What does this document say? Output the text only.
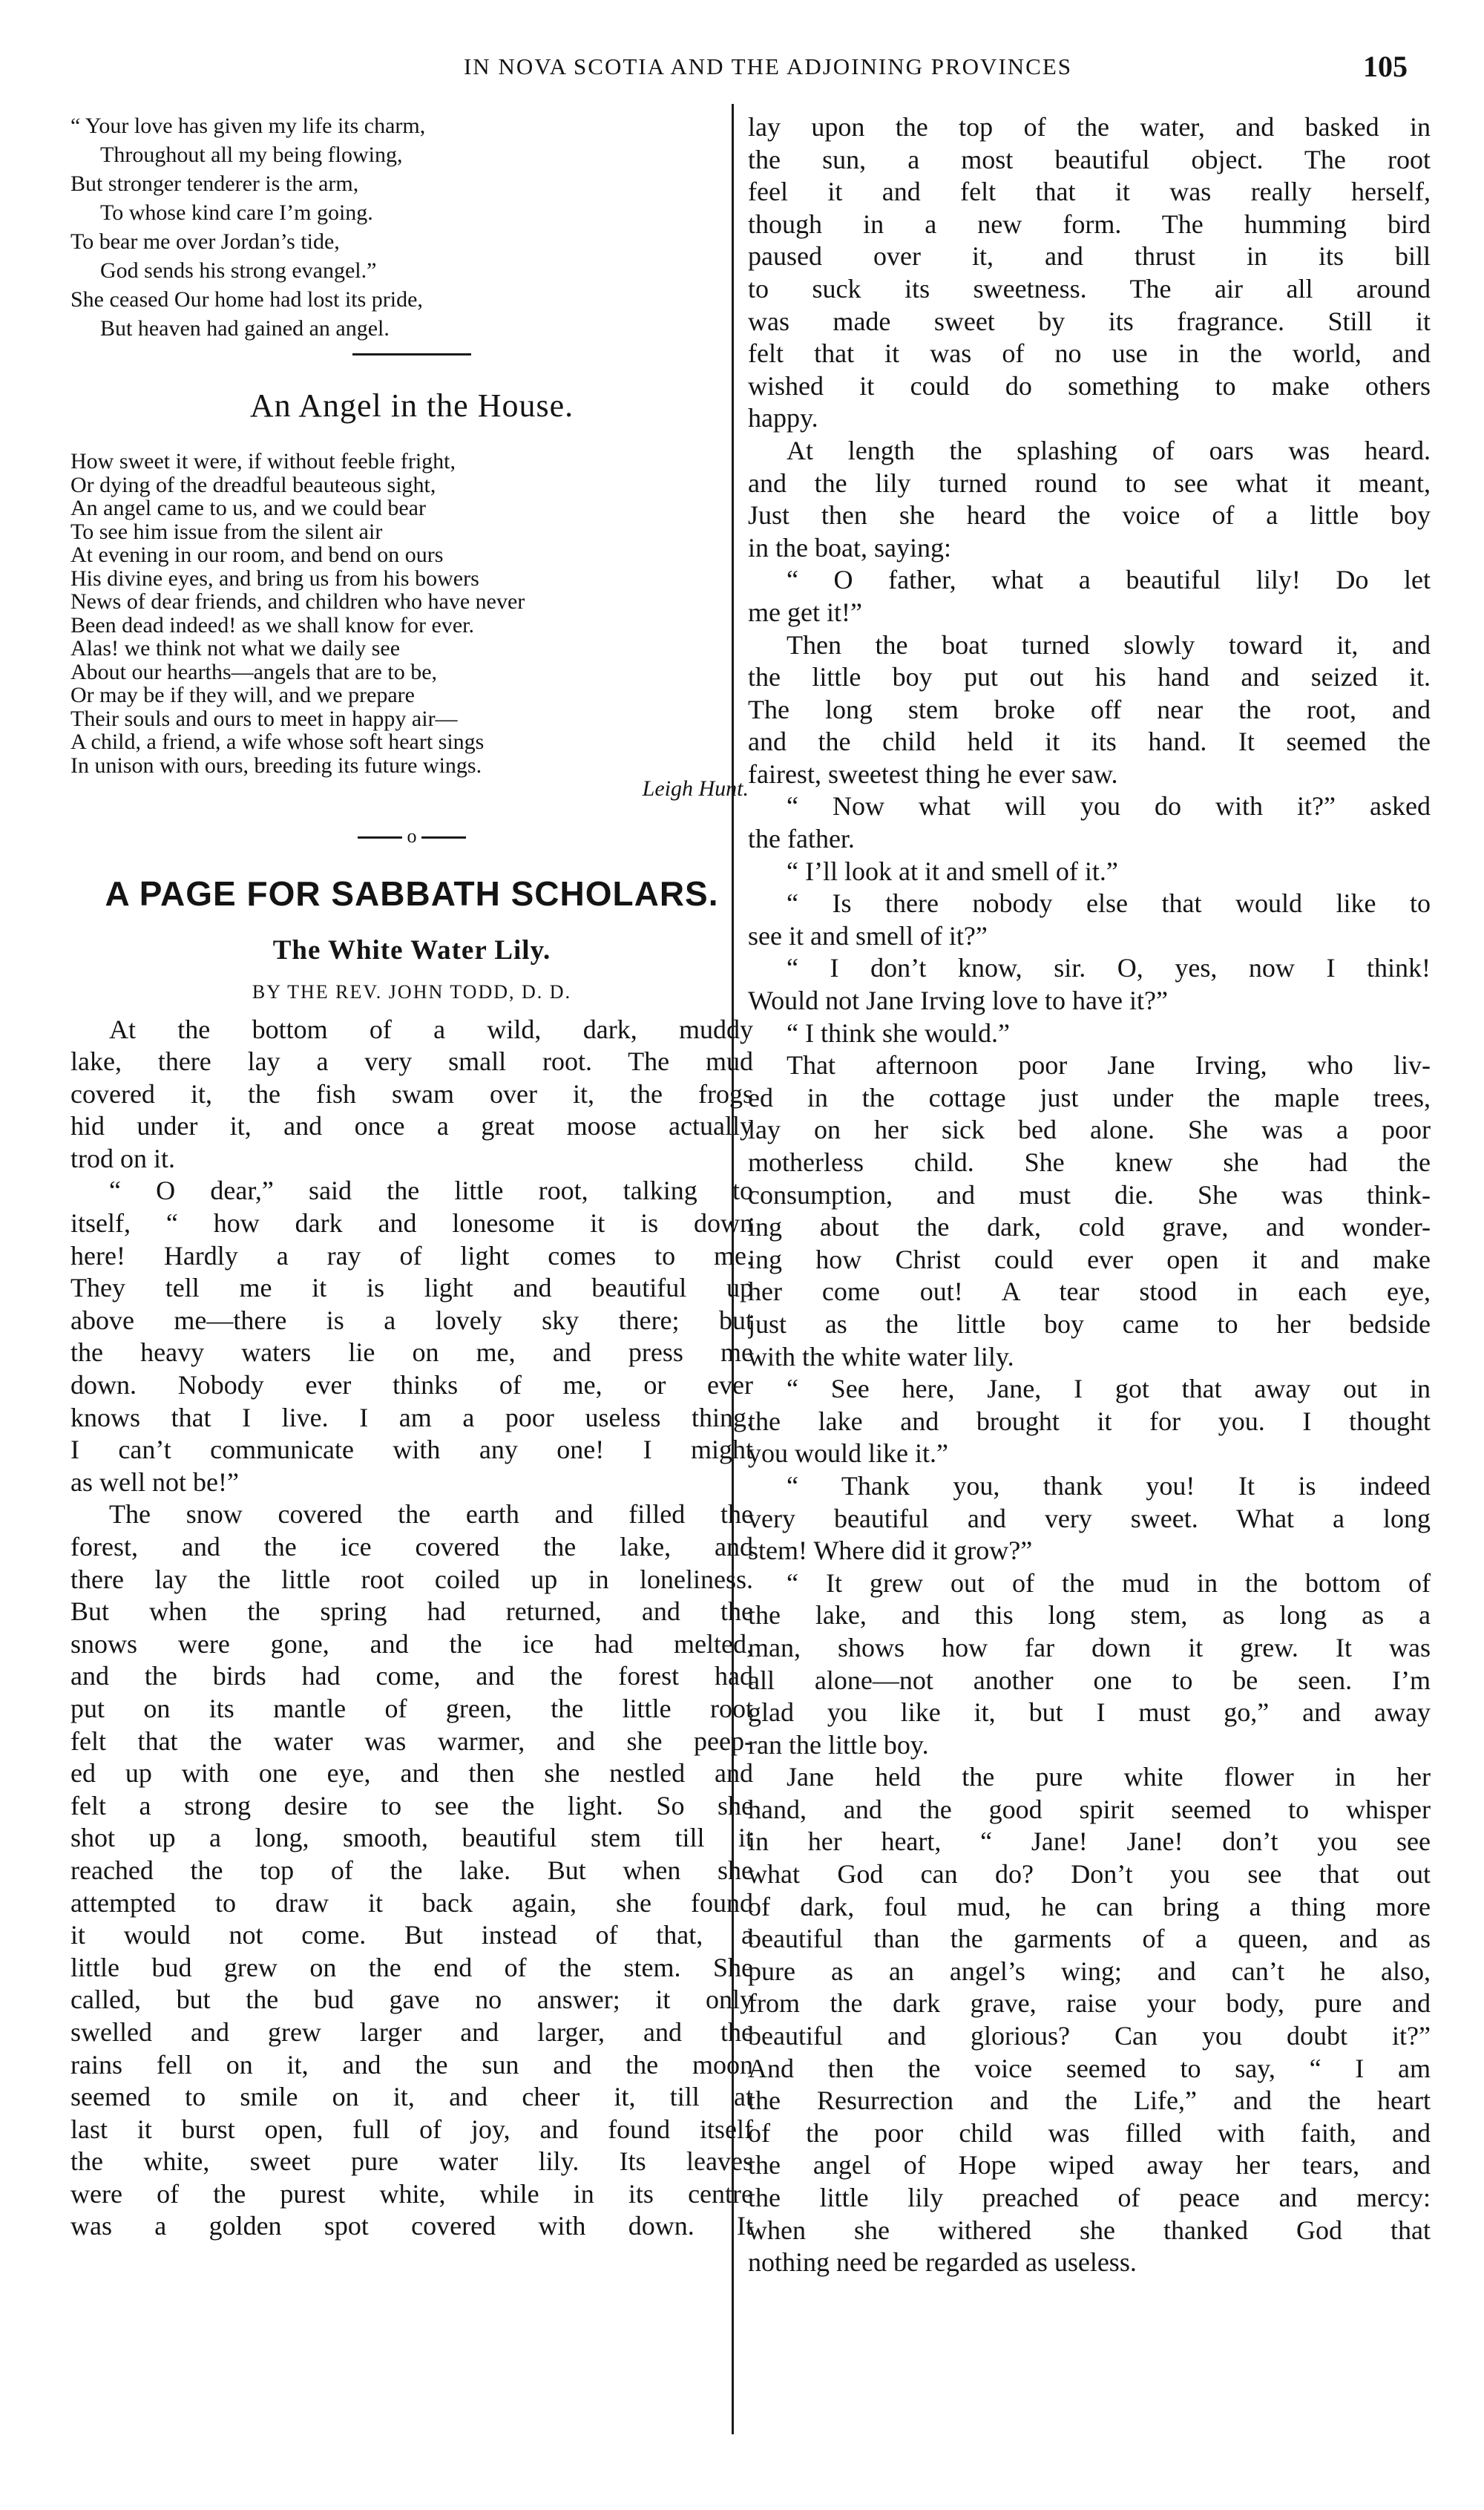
IN NOVA SCOTIA AND THE ADJOINING PROVINCES	105
“ Your love has given my life its charm,
Throughout all my being flowing,
But stronger tenderer is the arm,
To whose kind care I’m going.
To bear me over Jordan’s tide,
God sends his strong evangel.”
She ceased Our home had lost its pride,
But heaven had gained an angel.
An Angel in the House.
How sweet it were, if without feeble fright,
Or dying of the dreadful beauteous sight,
An angel came to us, and we could bear
To see him issue from the silent air
At evening in our room, and bend on ours
His divine eyes, and bring us from his bowers
News of dear friends, and children who have never
Been dead indeed! as we shall know for ever.
Alas! we think not what we daily see
About our hearths—angels that are to be,
Or may be if they will, and we prepare
Their souls and ours to meet in happy air—
A child, a friend, a wife whose soft heart sings
In unison with ours, breeding its future wings.
Leigh Hunt.
o
A PAGE FOR SABBATH SCHOLARS.
The White Water Lily.
BY THE REV. JOHN TODD, D. D.
At the bottom of a wild, dark, muddy
lake, there lay a very small root. The mud
covered it, the fish swam over it, the frogs
hid under it, and once a great moose actually
trod on it.
“ O dear,” said the little root, talking to
itself, “ how dark and lonesome it is down
here! Hardly a ray of light comes to me.
They tell me it is light and beautiful up
above me—there is a lovely sky there; but
the heavy waters lie on me, and press me
down. Nobody ever thinks of me, or ever
knows that I live. I am a poor useless thing.
I can’t communicate with any one! I might
as well not be!”
The snow covered the earth and filled the
forest, and the ice covered the lake, and
there lay the little root coiled up in loneliness.
But when the spring had returned, and the
snows were gone, and the ice had melted,
and the birds had come, and the forest had
put on its mantle of green, the little root
felt that the water was warmer, and she peep-
ed up with one eye, and then she nestled and
felt a strong desire to see the light. So she
shot up a long, smooth, beautiful stem till it
reached the top of the lake. But when she
attempted to draw it back again, she found
it would not come. But instead of that, a
little bud grew on the end of the stem. She
called, but the bud gave no answer; it only
swelled and grew larger and larger, and the
rains fell on it, and the sun and the moon
seemed to smile on it, and cheer it, till at
last it burst open, full of joy, and found itself
the white, sweet pure water lily. Its leaves
were of the purest white, while in its centre
was a golden spot covered with down. It
lay upon the top of the water, and basked in
the sun, a most beautiful object. The root
feel it and felt that it was really herself,
though in a new form. The humming bird
paused over it, and thrust in its bill
to suck its sweetness. The air all around
was made sweet by its fragrance. Still it
felt that it was of no use in the world, and
wished it could do something to make others
happy.
At length the splashing of oars was heard.
and the lily turned round to see what it meant,
Just then she heard the voice of a little boy
in the boat, saying:
“ O father, what a beautiful lily! Do let
me get it!”
Then the boat turned slowly toward it, and
the little boy put out his hand and seized it.
The long stem broke off near the root, and
and the child held it its hand. It seemed the
fairest, sweetest thing he ever saw.
“ Now what will you do with it?” asked
the father.
“ I’ll look at it and smell of it.”
“ Is there nobody else that would like to
see it and smell of it?”
“ I don’t know, sir. O, yes, now I think!
Would not Jane Irving love to have it?”
“ I think she would.”
That afternoon poor Jane Irving, who liv-
ed in the cottage just under the maple trees,
lay on her sick bed alone. She was a poor
motherless child. She knew she had the
consumption, and must die. She was think-
ing about the dark, cold grave, and wonder-
ing how Christ could ever open it and make
her come out! A tear stood in each eye,
just as the little boy came to her bedside
with the white water lily.
“ See here, Jane, I got that away out in
the lake and brought it for you. I thought
you would like it.”
“ Thank you, thank you! It is indeed
very beautiful and very sweet. What a long
stem! Where did it grow?”
“ It grew out of the mud in the bottom of
the lake, and this long stem, as long as a
man, shows how far down it grew. It was
all alone—not another one to be seen. I’m
glad you like it, but I must go,” and away
ran the little boy.
Jane held the pure white flower in her
hand, and the good spirit seemed to whisper
in her heart, “ Jane! Jane! don’t you see
what God can do? Don’t you see that out
of dark, foul mud, he can bring a thing more
beautiful than the garments of a queen, and as
pure as an angel’s wing; and can’t he also,
from the dark grave, raise your body, pure and
beautiful and glorious? Can you doubt it?”
And then the voice seemed to say, “ I am
the Resurrection and the Life,” and the heart
of the poor child was filled with faith, and
the angel of Hope wiped away her tears, and
the little lily preached of peace and mercy:
when she withered she thanked God that
nothing need be regarded as useless.
